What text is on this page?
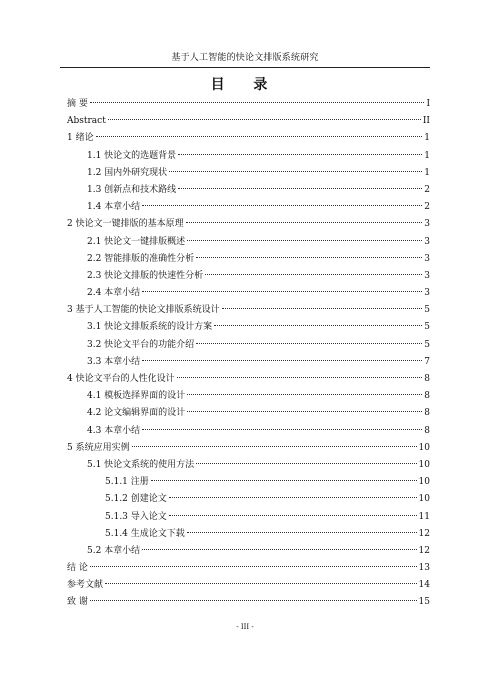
基于人工智能的快论文排版系统研究
目 录
摘 要	I
Abstract	II
1 绪论	1
1.1 快论文的选题背景	1
1.2 国内外研究现状	1
1.3 创新点和技术路线	2
1.4 本章小结	2
2 快论文一键排版的基本原理	3
2.1 快论文一键排版概述	3
2.2 智能排版的准确性分析	3
2.3 快论文排版的快速性分析	3
2.4 本章小结	3
3 基于人工智能的快论文排版系统设计	5
3.1 快论文排版系统的设计方案	5
3.2 快论文平台的功能介绍	5
3.3 本章小结	7
4 快论文平台的人性化设计	8
4.1 模板选择界面的设计	8
4.2 论文编辑界面的设计	8
4.3 本章小结	8
5 系统应用实例	10
5.1 快论文系统的使用方法	10
5.1.1 注册	10
5.1.2 创建论文	10
5.1.3 导入论文	11
5.1.4 生成论文下载	12
5.2 本章小结	12
结 论	13
参考文献	14
致 谢	15
- III -
